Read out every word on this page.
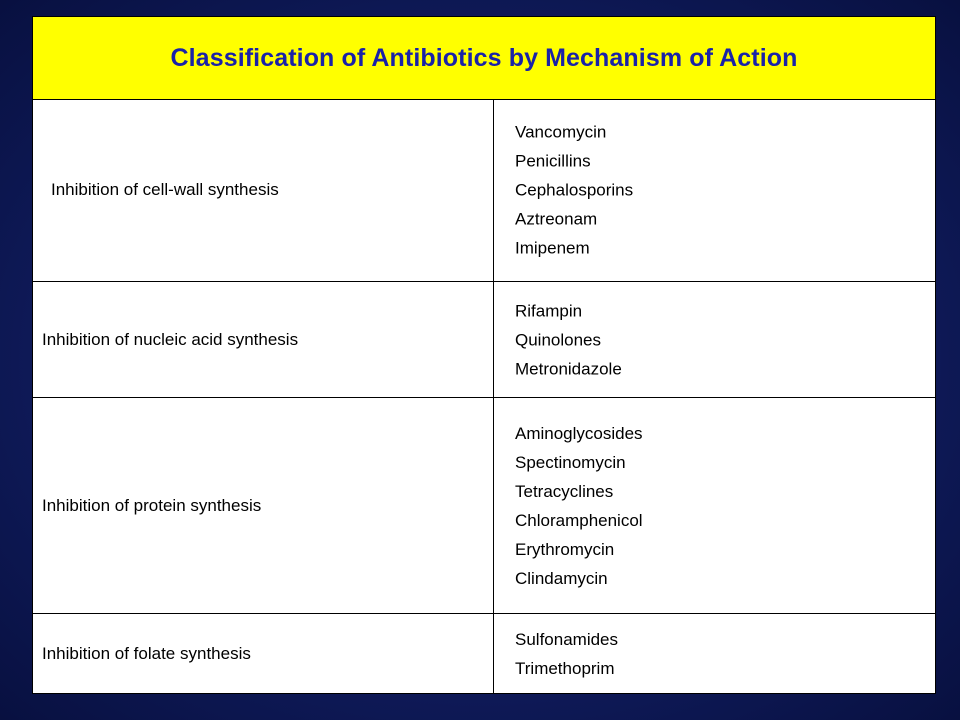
Classification of Antibiotics by Mechanism of Action
Inhibition of cell-wall synthesis
Vancomycin
Penicillins
Cephalosporins
Aztreonam
Imipenem
Inhibition of nucleic acid synthesis
Rifampin
Quinolones
Metronidazole
Inhibition of protein synthesis
Aminoglycosides
Spectinomycin
Tetracyclines
Chloramphenicol
Erythromycin
Clindamycin
Inhibition of folate synthesis
Sulfonamides
Trimethoprim
